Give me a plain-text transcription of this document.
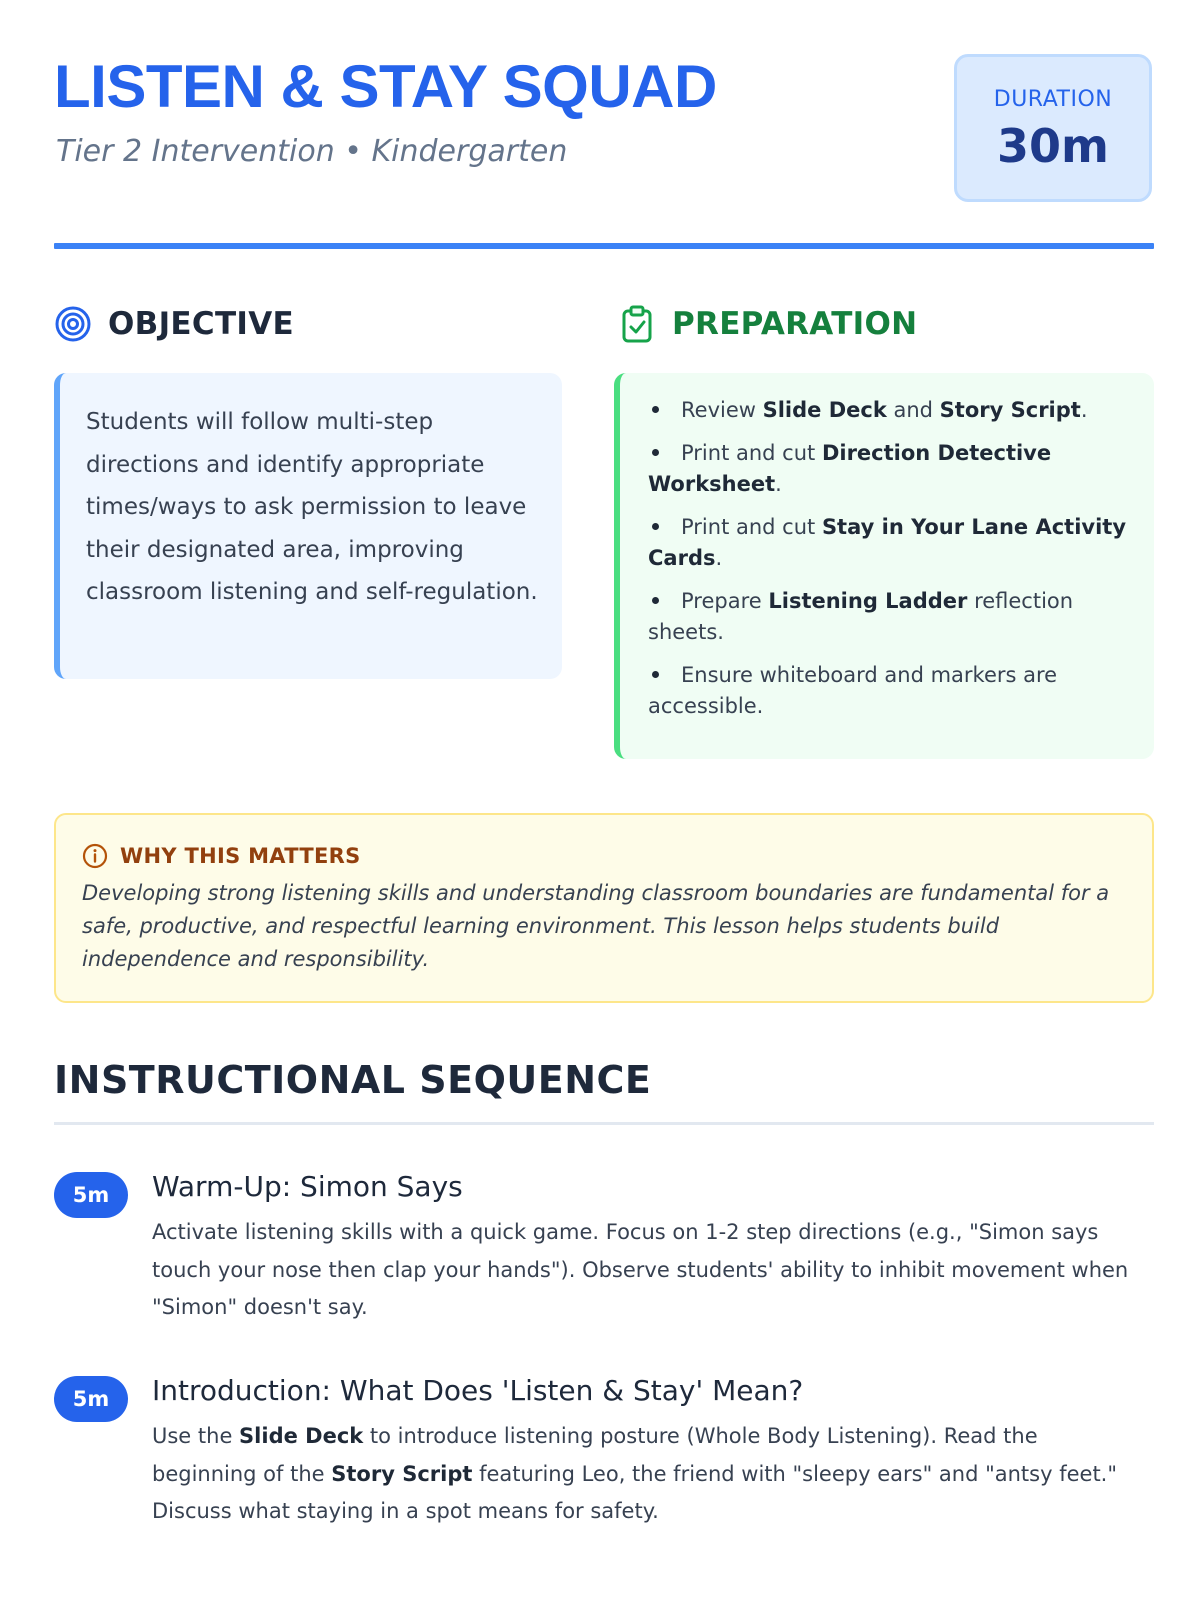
LISTEN & STAY SQUAD
Tier 2 Intervention • Kindergarten
DURATION
30m
OBJECTIVE

Students will follow multi-step directions and identify appropriate times/ways to ask permission to leave their designated area, improving classroom listening and self-regulation.

PREPARATION
Review Slide Deck and Story Script.
Print and cut Direction Detective Worksheet.
Print and cut Stay in Your Lane Activity Cards.
Prepare Listening Ladder reflection sheets.
Ensure whiteboard and markers are accessible.
WHY THIS MATTERS

Developing strong listening skills and understanding classroom boundaries are fundamental for a safe, productive, and respectful learning environment. This lesson helps students build independence and responsibility.

INSTRUCTIONAL SEQUENCE
5m	Warm-Up: Simon Says

Activate listening skills with a quick game. Focus on 1-2 step directions (e.g., "Simon says touch your nose then clap your hands"). Observe students' ability to inhibit movement when "Simon" doesn't say.

5m	Introduction: What Does 'Listen & Stay' Mean?

Use the Slide Deck to introduce listening posture (Whole Body Listening). Read the beginning of the Story Script featuring Leo, the friend with "sleepy ears" and "antsy feet." Discuss what staying in a spot means for safety.
